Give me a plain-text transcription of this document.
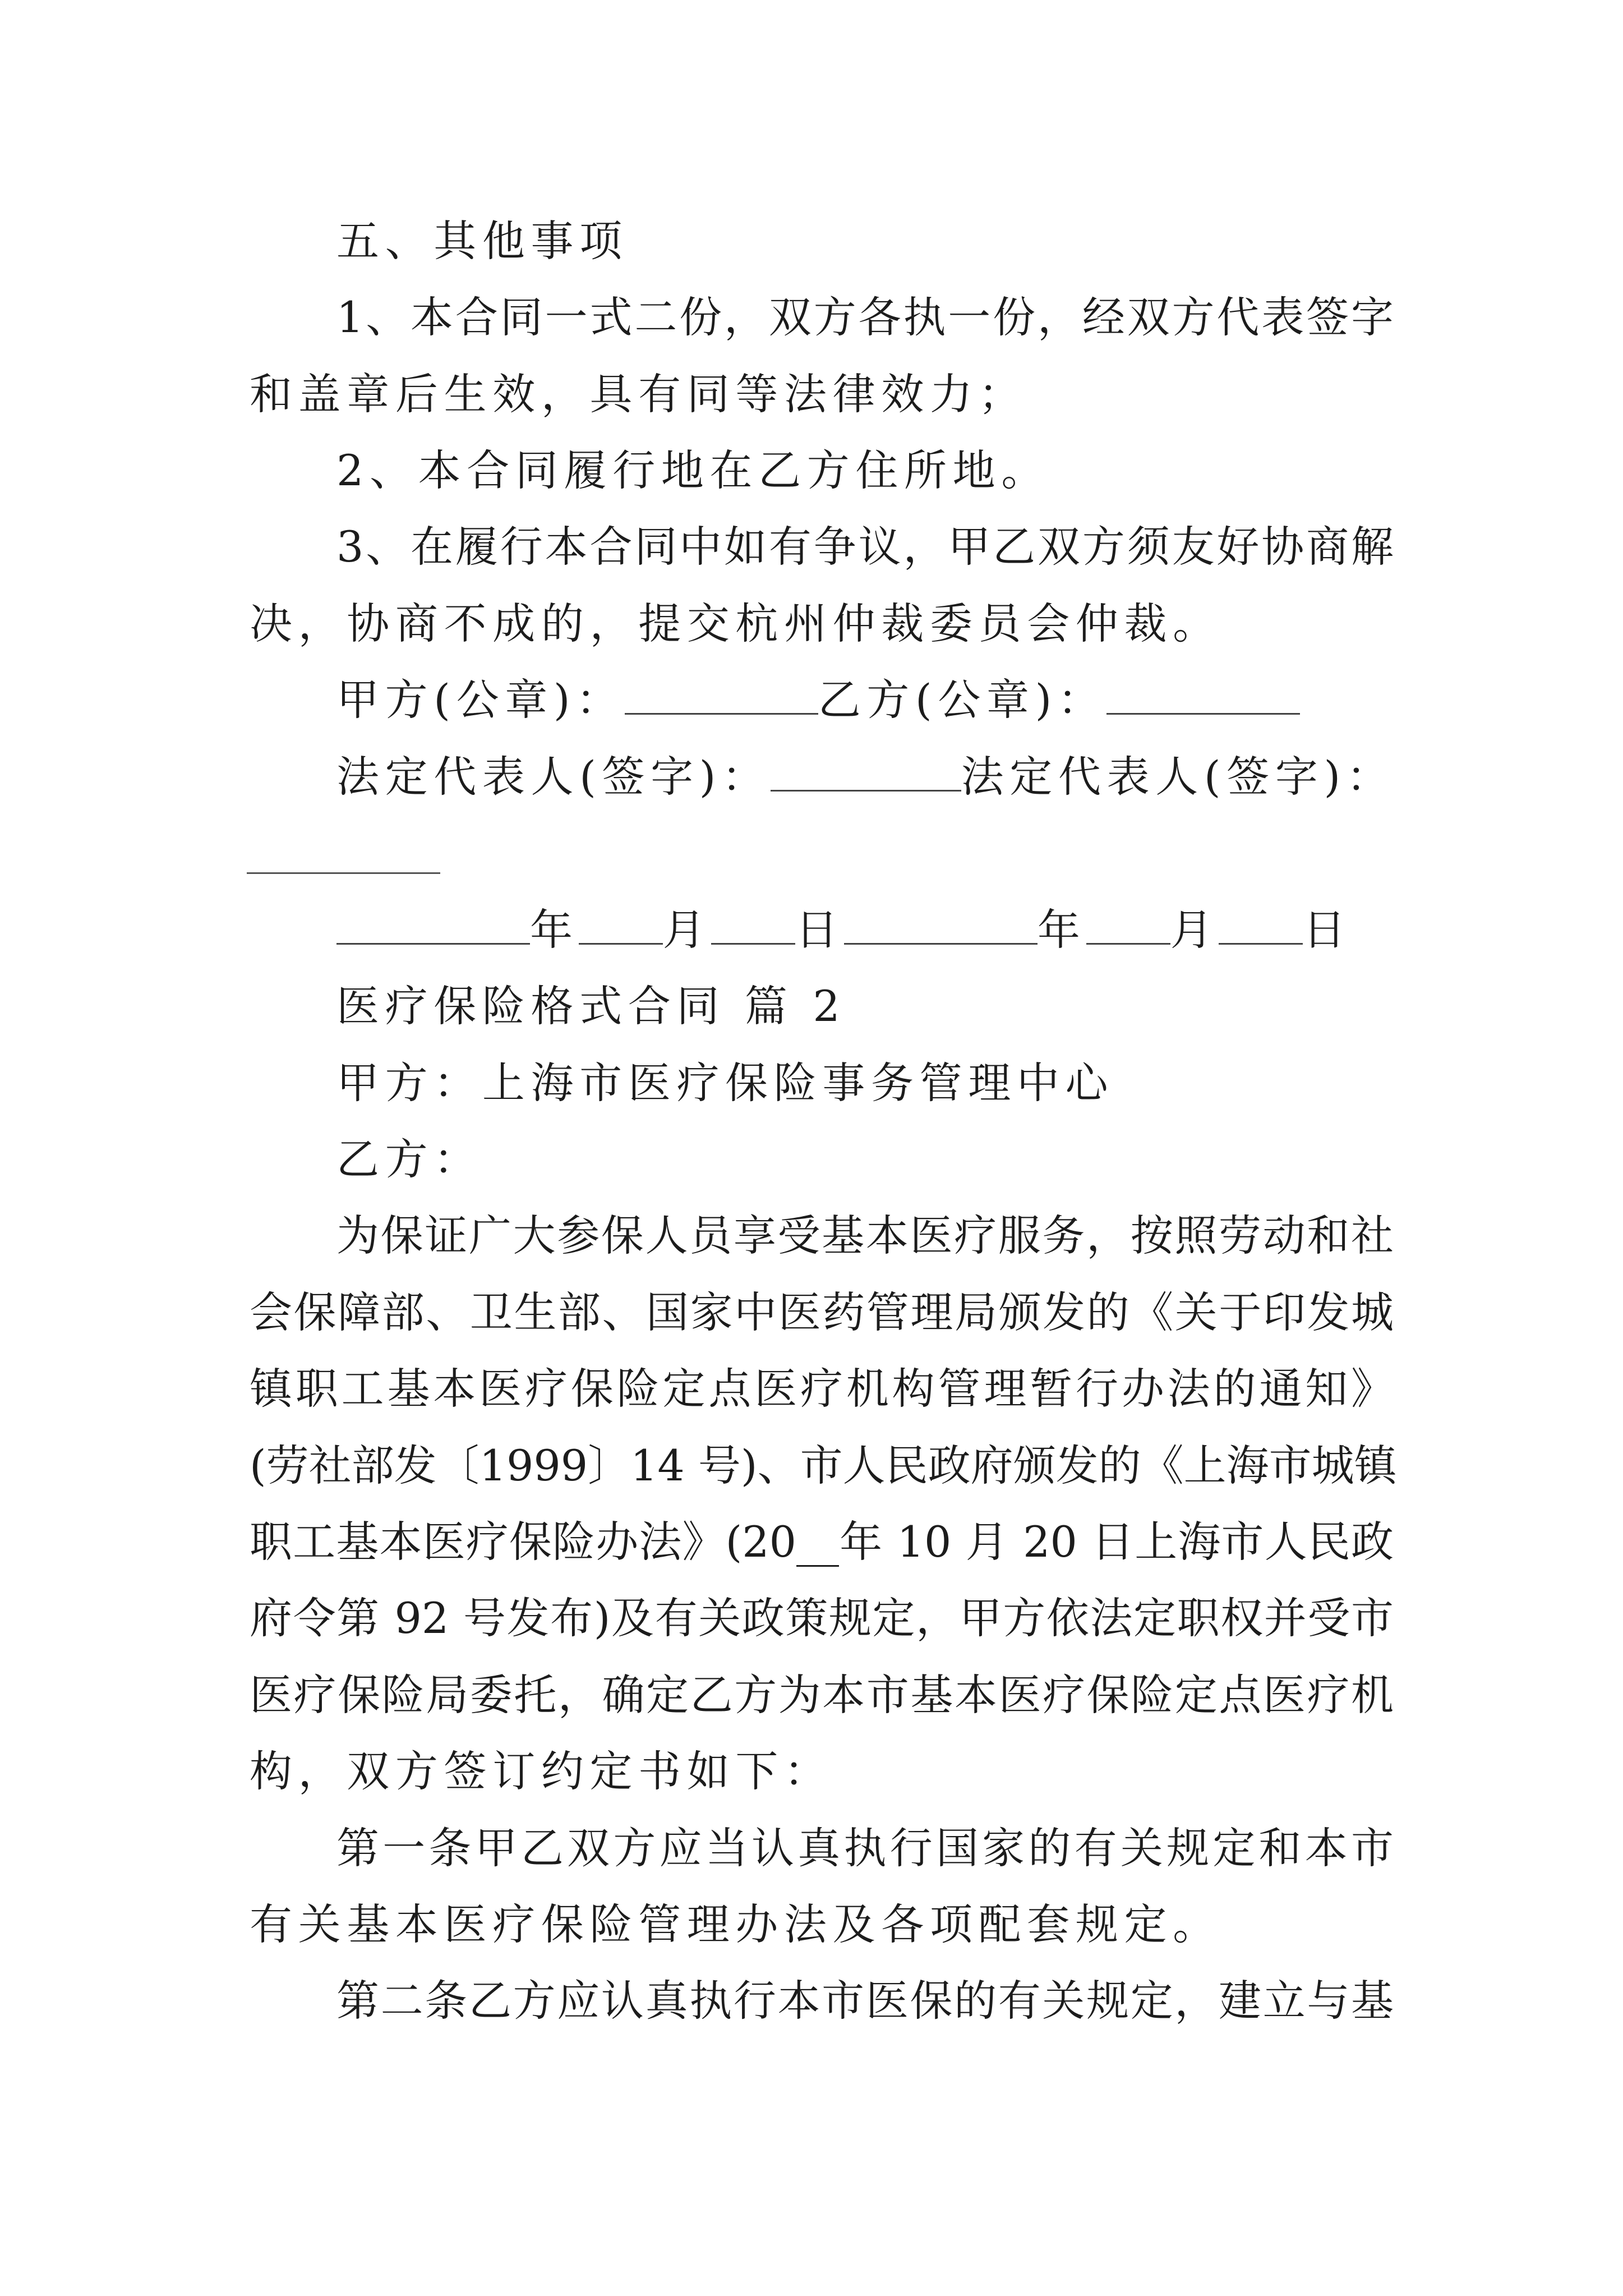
五、其他事项
1、本合同一式二份，双方各执一份，经双方代表签字
和盖章后生效，具有同等法律效力；
2、本合同履行地在乙方住所地。
3、在履行本合同中如有争议，甲乙双方须友好协商解
决，协商不成的，提交杭州仲裁委员会仲裁。
甲方(公章)：	乙方(公章)：
法定代表人(签字)：	法定代表人(签字)：
年 月 日	年 月 日
医疗保险格式合同 篇 2
甲方：上海市医疗保险事务管理中心
乙方：
为保证广大参保人员享受基本医疗服务，按照劳动和社
会保障部、卫生部、国家中医药管理局颁发的《关于印发城
镇职工基本医疗保险定点医疗机构管理暂行办法的通知》
(劳社部发〔1999〕14 号)、市人民政府颁发的《上海市城镇
职工基本医疗保险办法》(20__年 10 月 20 日上海市人民政
府令第 92 号发布)及有关政策规定，甲方依法定职权并受市
医疗保险局委托，确定乙方为本市基本医疗保险定点医疗机
构，双方签订约定书如下：
第一条甲乙双方应当认真执行国家的有关规定和本市
有关基本医疗保险管理办法及各项配套规定。
第二条乙方应认真执行本市医保的有关规定，建立与基
